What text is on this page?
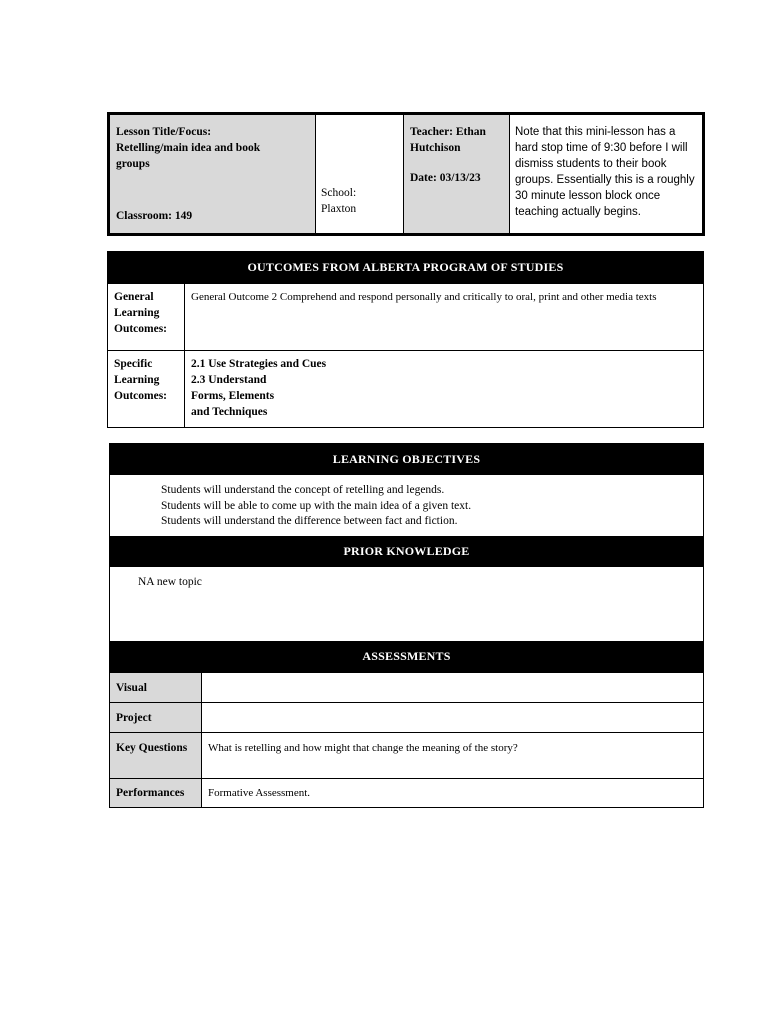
Lesson Title/Focus:
Retelling/main idea and book groups
Classroom: 149
School:
Plaxton
Teacher: Ethan Hutchison
Date: 03/13/23
Note that this mini-lesson has a hard stop time of 9:30 before I will dismiss students to their book groups. Essentially this is a roughly 30 minute lesson block once teaching actually begins.
OUTCOMES FROM ALBERTA PROGRAM OF STUDIES
General Learning Outcomes:
General Outcome 2 Comprehend and respond personally and critically to oral, print and other media texts
Specific Learning Outcomes:
2.1 Use Strategies and Cues
2.3 Understand
Forms, Elements
and Techniques
LEARNING OBJECTIVES
Students will understand the concept of retelling and legends.
Students will be able to come up with the main idea of a given text.
Students will understand the difference between fact and fiction.
PRIOR KNOWLEDGE
NA new topic
ASSESSMENTS
Visual
Project
Key Questions	What is retelling and how might that change the meaning of the story?
Performances	Formative Assessment.
